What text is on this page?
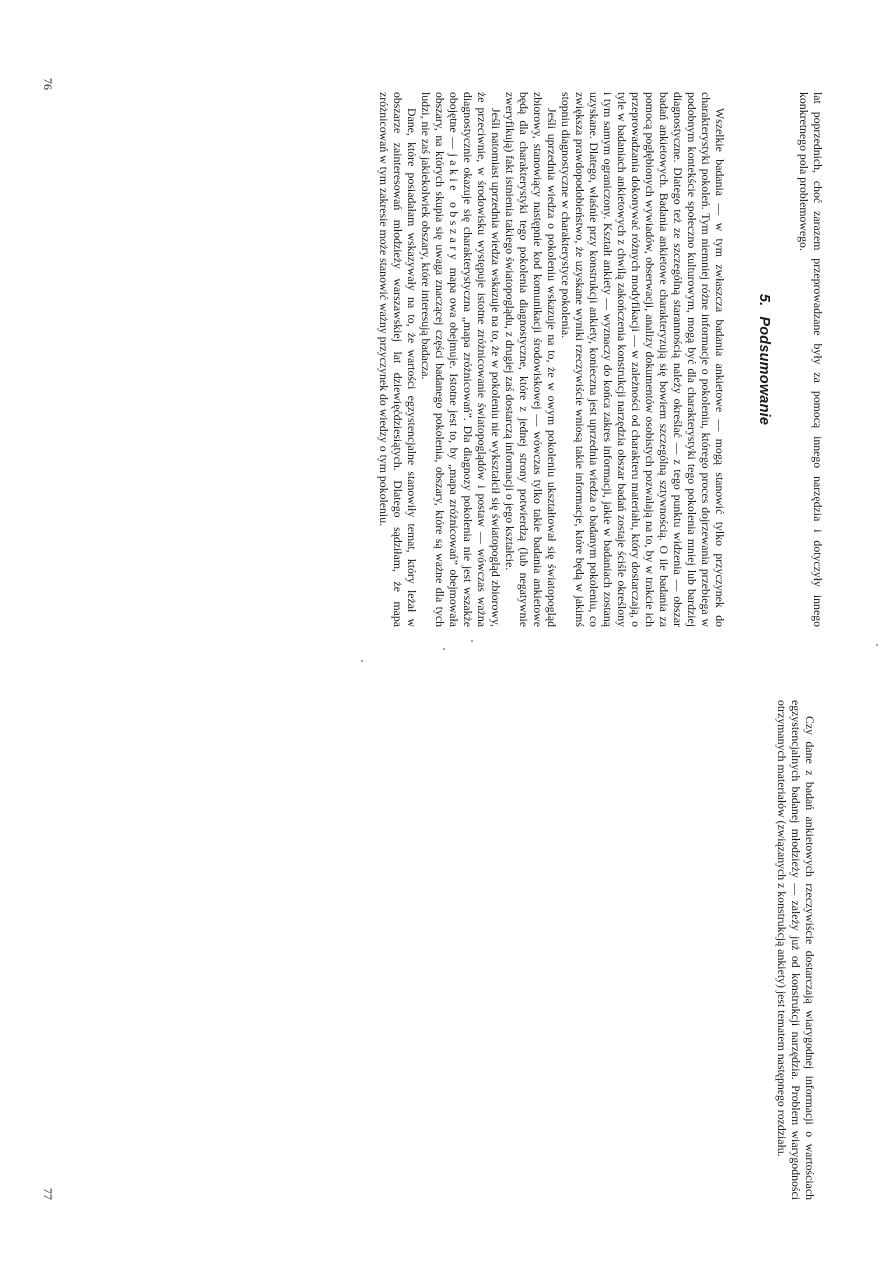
lat poprzednich, choć zarazem przeprowadzane były za pomocą innego narzędzia i dotyczyły innego konkretnego pola problemowego.

5.Podsumowanie

Wszelkie badania — w tym zwłaszcza badania ankietowe — mogą stanowić tylko przyczynek do charakterystyki pokoleń. Tym niemniej różne informacje o pokoleniu, którego proces dojrzewania przebiega w podobnym kontekście społeczno kulturowym, mogą być dla charakterystyki tego pokolenia mniej lub bardziej diagnostyczne. Dlatego też ze szczególną starannością należy określać — z tego punktu widzenia — obszar badań ankietowych. Badania ankietowe charakteryzują się bowiem szczególną sztywnością. O ile badania za pomocą pogłębionych wywiadów, obserwacji, analizy dokumentów osobistych pozwalają na to, by w trakcie ich przeprowadzania dokonywać różnych modyfikacji — w zależności od charakteru materiału, który dostarczają, o tyle w badaniach ankietowych z chwilą zakończenia konstrukcji narzędzia obszar badań zostaje ściśle określony i tym samym ograniczony. Kształt ankiety — wyznaczy do końca zakres informacji, jakie w badaniach zostaną uzyskane. Dlatego, właśnie przy konstrukcji ankiety, konieczna jest uprzednia wiedza o badanym pokoleniu, co zwiększa prawdopodobieństwo, że uzyskane wyniki rzeczywiście wniosą takie informacje, które będą w jakimś stopniu diagnostyczne w charakterystyce pokolenia.

Jeśli uprzednia wiedza o pokoleniu wskazuje na to, że w owym pokoleniu ukształtował się światopogląd zbiorowy, stanowiący następnie kod komunikacji środowiskowej — wówczas tylko takie badania ankietowe będą dla charakterystyki tego pokolenia diagnostyczne, które z jednej strony potwierdzą (lub negatywnie zweryfikują) fakt istnienia takiego światopoglądu, z drugiej zaś dostarczą informacji o jego kształcie.

Jeśli natomiast uprzednia wiedza wskazuje na to, że w pokoleniu nie wykształcił się światopogląd zbiorowy, że przeciwnie, w środowisku występuje istotne zróżnicowanie światopoglądów i postaw — wówczas ważna diagnostycznie okazuje się charakterystyczna „mapa zróżnicowań”. Dla diagnozy pokolenia nie jest wszakże obojętne — jakie obszary mapa owa obejmuje. Istotne jest to, by „mapa zróżnicowań” obejmowała obszary, na których skupia się uwaga znaczącej części badanego pokolenia, obszary, które są ważne dla tych ludzi, nie zaś jakiekolwiek obszary, które interesują badacza.

Dane, które posiadałam wskazywały na to, że wartości egzystencjalne stanowiły temat, który leżał w obszarze zainteresowań młodzieży warszawskiej lat dziewięćdziesiątych. Dlatego sądziłam, że mapa zróżnicowań w tym zakresie może stanowić ważny przyczynek do wiedzy o tym pokoleniu.

76

Czy dane z badań ankietowych rzeczywiście dostarczają wiarygodnej informacji o wartościach egzystencjalnych badanej młodzieży — zależy już od konstrukcji narzędzia. Problem wiarygodności otrzymanych materiałów (związanych z konstrukcją ankiety) jest tematem następnego rozdziału.

77
